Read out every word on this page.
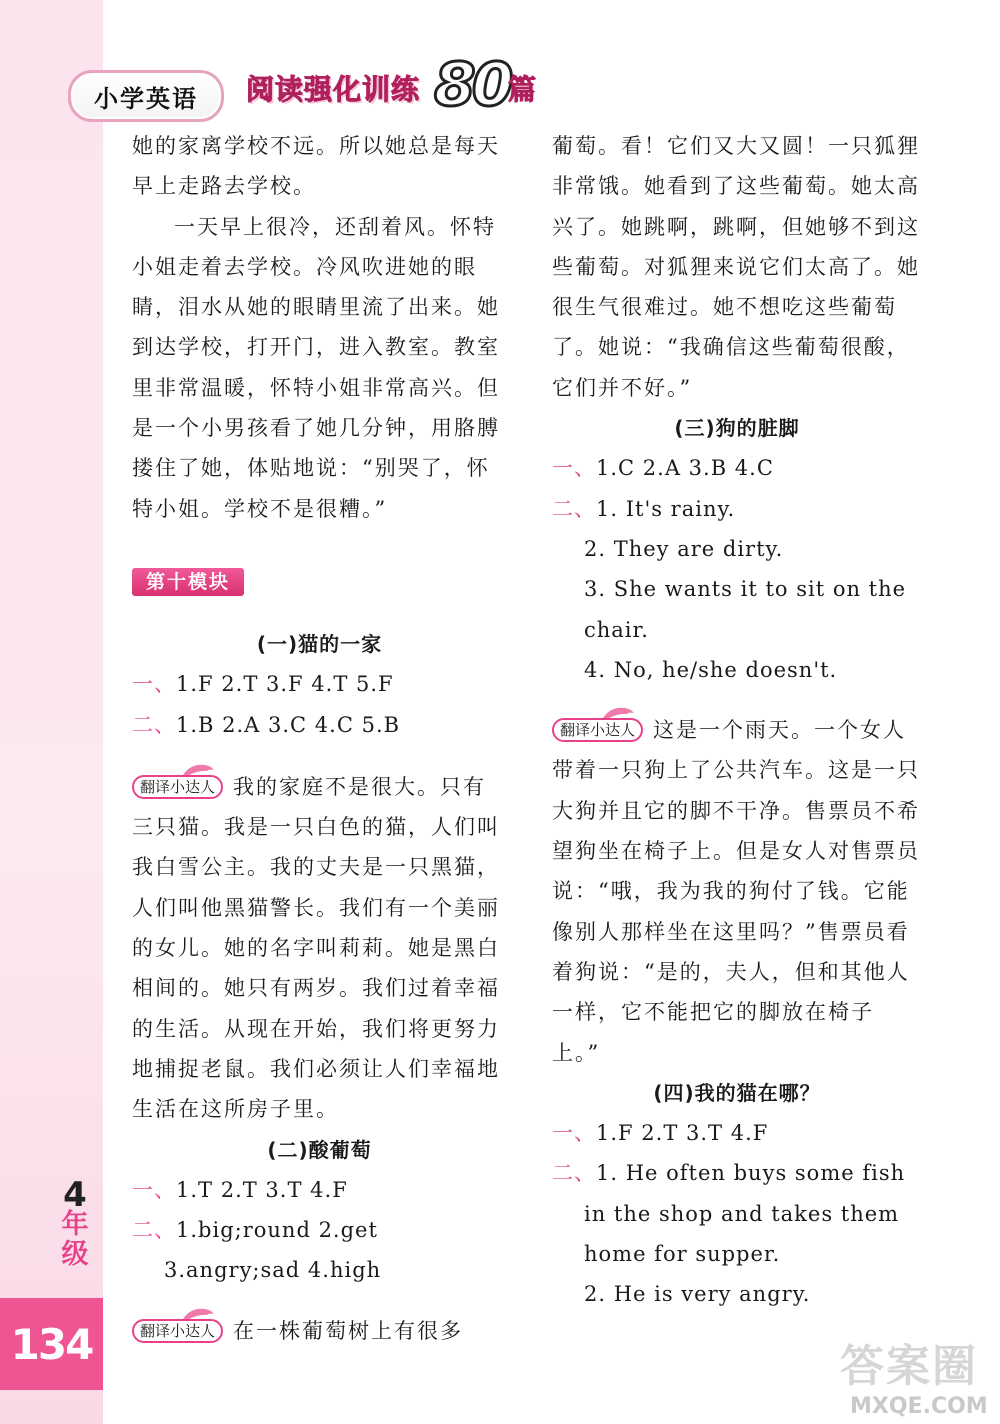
小学英语	阅读强化训练 80
篇

她的家离学校不远。所以她总是每天早上走路去学校。

一天早上很冷，还刮着风。怀特小姐走着去学校。冷风吹进她的眼睛，泪水从她的眼睛里流了出来。她到达学校，打开门，进入教室。教室里非常温暖，怀特小姐非常高兴。但是一个小男孩看了她几分钟，用胳膊搂住了她，体贴地说：“别哭了，怀特小姐。学校不是很糟。”

第十模块

(一)猫的一家

一、1.F 2.T 3.F 4.T 5.F

二、1.B 2.A 3.C 4.C 5.B

翻译小达人 我的家庭不是很大。只有三只猫。我是一只白色的猫，人们叫我白雪公主。我的丈夫是一只黑猫，人们叫他黑猫警长。我们有一个美丽的女儿。她的名字叫莉莉。她是黑白相间的。她只有两岁。我们过着幸福的生活。从现在开始，我们将更努力地捕捉老鼠。我们必须让人们幸福地生活在这所房子里。

(二)酸葡萄

一、1.T 2.T 3.T 4.F

二、1.big;round 2.get

3.angry;sad 4.high

翻译小达人 在一株葡萄树上有很多

葡萄。看！它们又大又圆！一只狐狸非常饿。她看到了这些葡萄。她太高兴了。她跳啊，跳啊，但她够不到这些葡萄。对狐狸来说它们太高了。她很生气很难过。她不想吃这些葡萄了。她说：“我确信这些葡萄很酸，它们并不好。”

(三)狗的脏脚

一、1.C 2.A 3.B 4.C

二、1. It's rainy.

2. They are dirty.

3. She wants it to sit on the chair.

4. No, he/she doesn't.

翻译小达人 这是一个雨天。一个女人带着一只狗上了公共汽车。这是一只大狗并且它的脚不干净。售票员不希望狗坐在椅子上。但是女人对售票员说：“哦，我为我的狗付了钱。它能像别人那样坐在这里吗？”售票员看着狗说：“是的，夫人，但和其他人一样，它不能把它的脚放在椅子上。”

(四)我的猫在哪？

一、1.F 2.T 3.T 4.F

二、1. He often buys some fish in the shop and takes them home for supper.

2. He is very angry.

4
年
级
134	答案圈
MXQE.COM
